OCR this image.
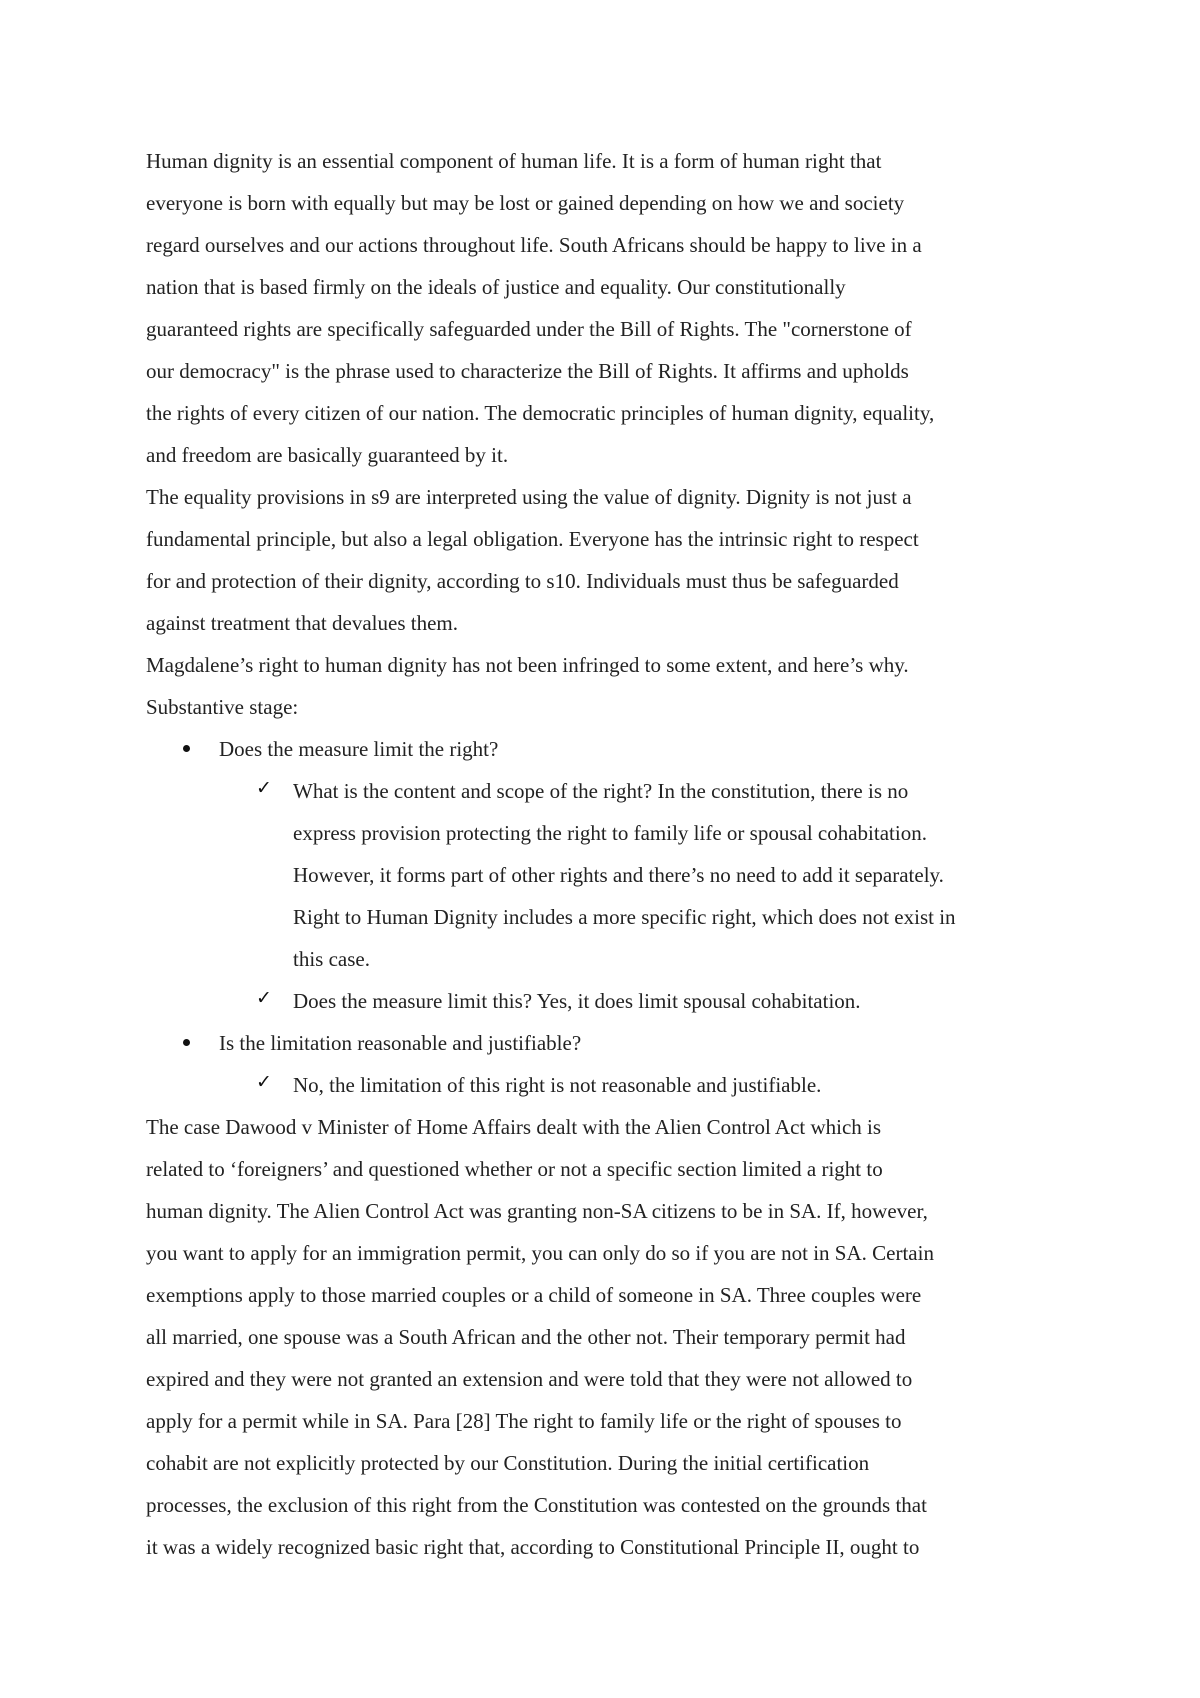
Human dignity is an essential component of human life. It is a form of human right that
everyone is born with equally but may be lost or gained depending on how we and society
regard ourselves and our actions throughout life. South Africans should be happy to live in a
nation that is based firmly on the ideals of justice and equality. Our constitutionally
guaranteed rights are specifically safeguarded under the Bill of Rights. The "cornerstone of
our democracy" is the phrase used to characterize the Bill of Rights. It affirms and upholds
the rights of every citizen of our nation. The democratic principles of human dignity, equality,
and freedom are basically guaranteed by it.
The equality provisions in s9 are interpreted using the value of dignity. Dignity is not just a
fundamental principle, but also a legal obligation. Everyone has the intrinsic right to respect
for and protection of their dignity, according to s10. Individuals must thus be safeguarded
against treatment that devalues them.
Magdalene’s right to human dignity has not been infringed to some extent, and here’s why.
Substantive stage:
Does the measure limit the right?
✓ What is the content and scope of the right? In the constitution, there is no
express provision protecting the right to family life or spousal cohabitation.
However, it forms part of other rights and there’s no need to add it separately.
Right to Human Dignity includes a more specific right, which does not exist in
this case.
✓ Does the measure limit this? Yes, it does limit spousal cohabitation.
Is the limitation reasonable and justifiable?
✓ No, the limitation of this right is not reasonable and justifiable.
The case Dawood v Minister of Home Affairs dealt with the Alien Control Act which is
related to ‘foreigners’ and questioned whether or not a specific section limited a right to
human dignity. The Alien Control Act was granting non-SA citizens to be in SA. If, however,
you want to apply for an immigration permit, you can only do so if you are not in SA. Certain
exemptions apply to those married couples or a child of someone in SA. Three couples were
all married, one spouse was a South African and the other not. Their temporary permit had
expired and they were not granted an extension and were told that they were not allowed to
apply for a permit while in SA. Para [28] The right to family life or the right of spouses to
cohabit are not explicitly protected by our Constitution. During the initial certification
processes, the exclusion of this right from the Constitution was contested on the grounds that
it was a widely recognized basic right that, according to Constitutional Principle II, ought to
